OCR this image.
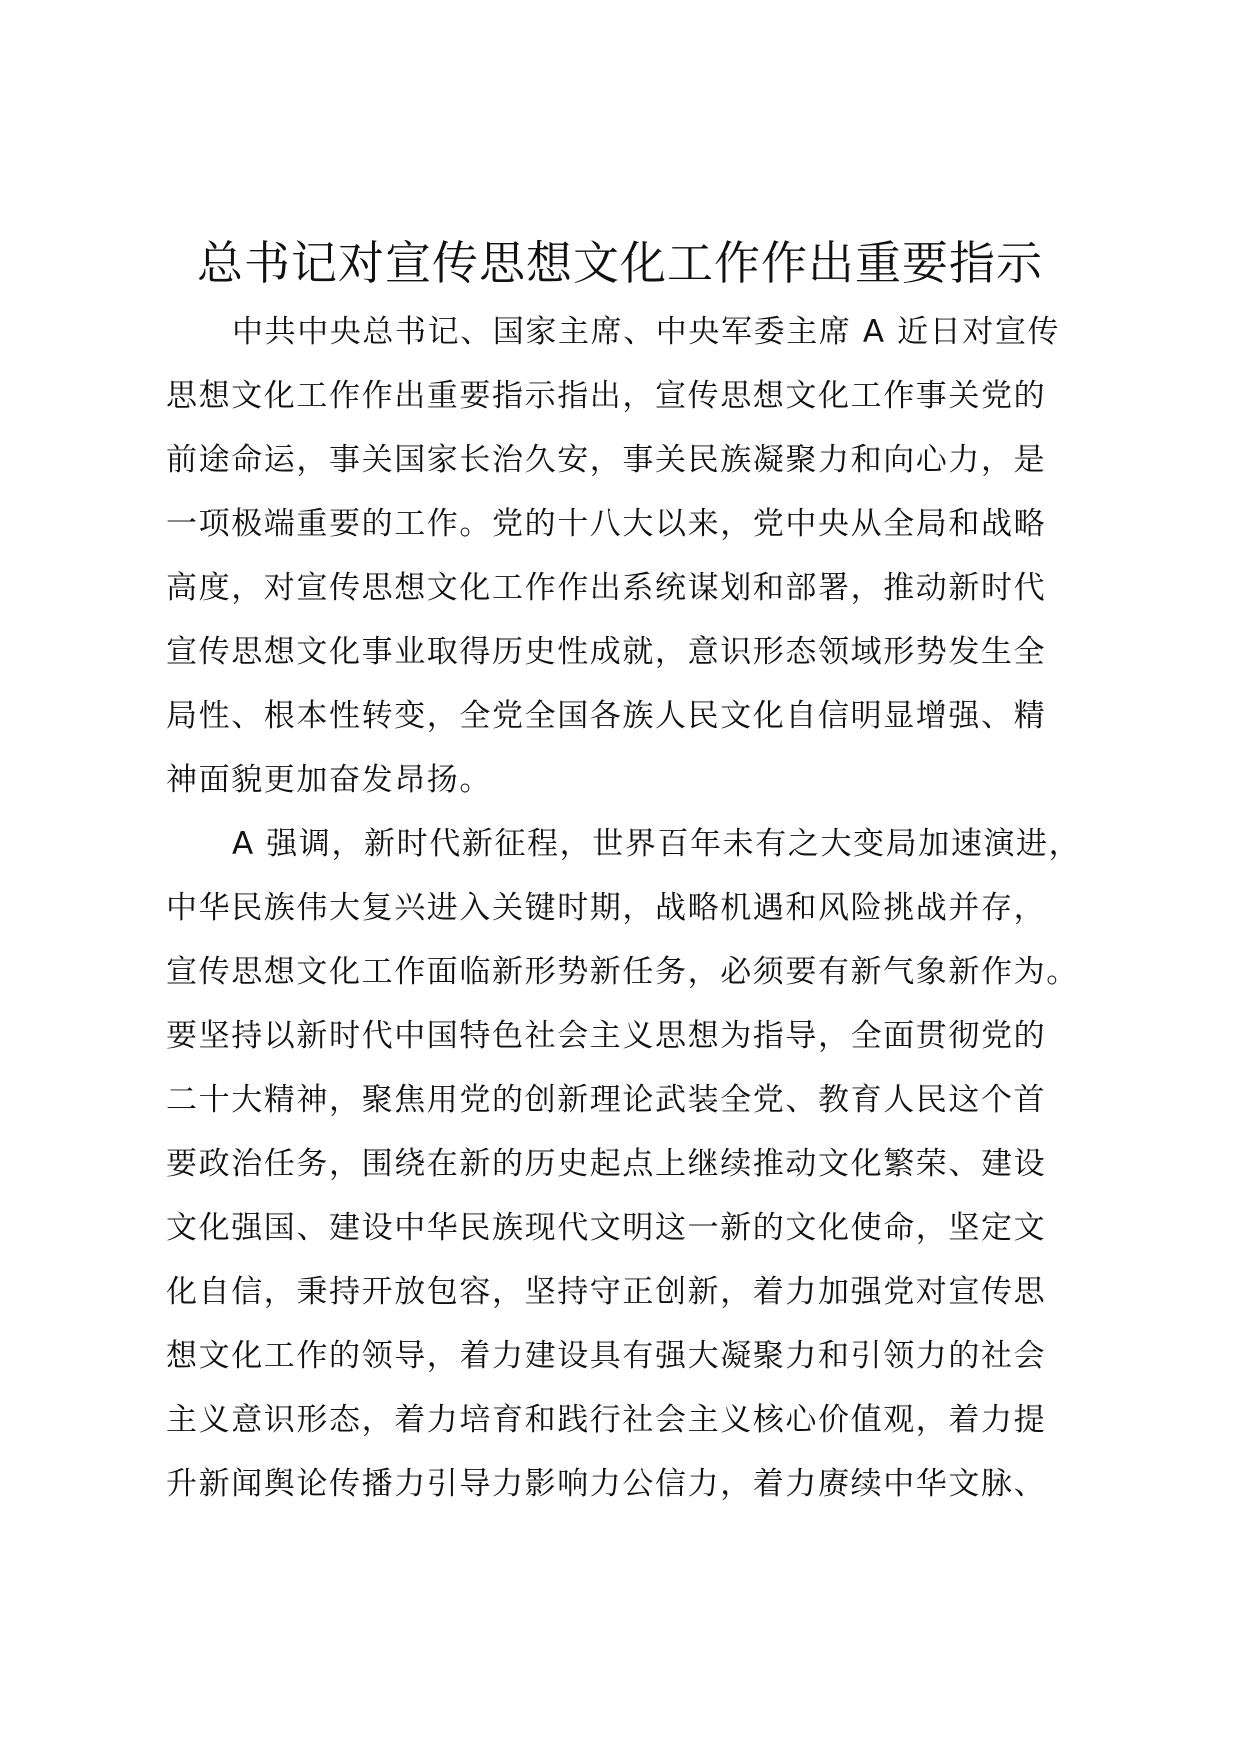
总书记对宣传思想文化工作作出重要指示
中共中央总书记、国家主席、中央军委主席 A 近日对宣传
思想文化工作作出重要指示指出，宣传思想文化工作事关党的
前途命运，事关国家长治久安，事关民族凝聚力和向心力，是
一项极端重要的工作。党的十八大以来，党中央从全局和战略
高度，对宣传思想文化工作作出系统谋划和部署，推动新时代
宣传思想文化事业取得历史性成就，意识形态领域形势发生全
局性、根本性转变，全党全国各族人民文化自信明显增强、精
神面貌更加奋发昂扬。
A 强调，新时代新征程，世界百年未有之大变局加速演进，
中华民族伟大复兴进入关键时期，战略机遇和风险挑战并存，
宣传思想文化工作面临新形势新任务，必须要有新气象新作为。
要坚持以新时代中国特色社会主义思想为指导，全面贯彻党的
二十大精神，聚焦用党的创新理论武装全党、教育人民这个首
要政治任务，围绕在新的历史起点上继续推动文化繁荣、建设
文化强国、建设中华民族现代文明这一新的文化使命，坚定文
化自信，秉持开放包容，坚持守正创新，着力加强党对宣传思
想文化工作的领导，着力建设具有强大凝聚力和引领力的社会
主义意识形态，着力培育和践行社会主义核心价值观，着力提
升新闻舆论传播力引导力影响力公信力，着力赓续中华文脉、
